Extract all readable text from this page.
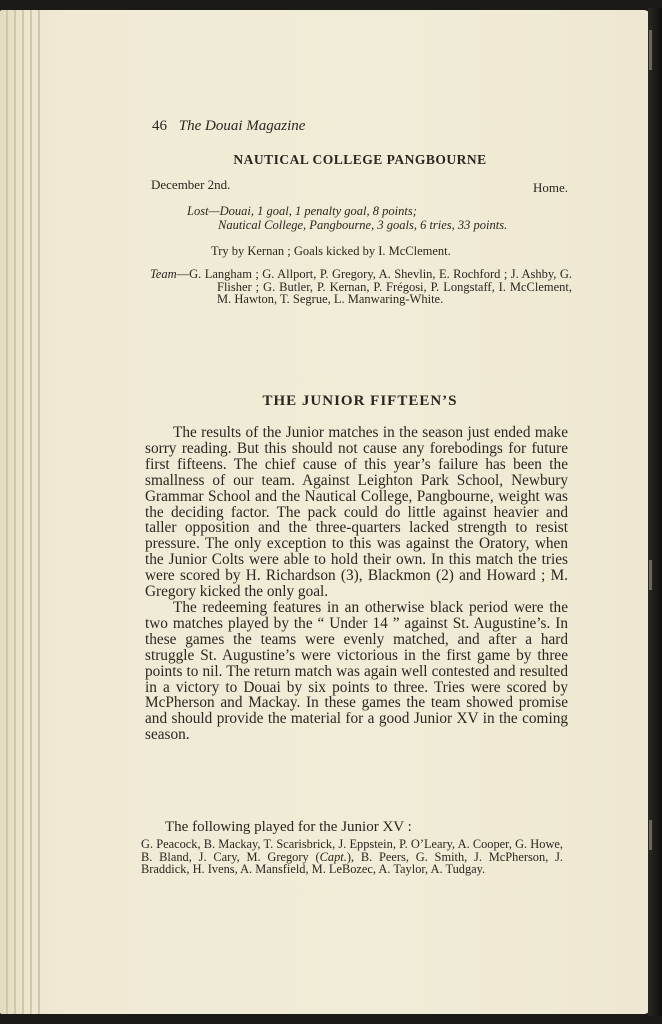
46 The Douai Magazine
NAUTICAL COLLEGE PANGBOURNE
December 2nd.	Home.
Lost—Douai, 1 goal, 1 penalty goal, 8 points;
Nautical College, Pangbourne, 3 goals, 6 tries, 33 points.
Try by Kernan ; Goals kicked by I. McClement.
Team—G. Langham ; G. Allport, P. Gregory, A. Shevlin, E. Rochford ; J. Ashby, G. Flisher ; G. Butler, P. Kernan, P. Frégosi, P. Longstaff, I. McClement, M. Hawton, T. Segrue, L. Manwaring-White.
THE JUNIOR FIFTEEN’S

The results of the Junior matches in the season just ended make sorry reading. But this should not cause any forebodings for future first fifteens. The chief cause of this year’s failure has been the smallness of our team. Against Leighton Park School, Newbury Grammar School and the Nautical College, Pangbourne, weight was the deciding factor. The pack could do little against heavier and taller opposition and the three-quarters lacked strength to resist pressure. The only exception to this was against the Oratory, when the Junior Colts were able to hold their own. In this match the tries were scored by H. Richardson (3), Blackmon (2) and Howard ; M. Gregory kicked the only goal.

The redeeming features in an otherwise black period were the two matches played by the “ Under 14 ” against St. Augustine’s. In these games the teams were evenly matched, and after a hard struggle St. Augustine’s were victorious in the first game by three points to nil. The return match was again well contested and resulted in a victory to Douai by six points to three. Tries were scored by McPherson and Mackay. In these games the team showed promise and should provide the material for a good Junior XV in the coming season.

The following played for the Junior XV :
G. Peacock, B. Mackay, T. Scarisbrick, J. Eppstein, P. O’Leary, A. Cooper, G. Howe, B. Bland, J. Cary, M. Gregory (Capt.), B. Peers, G. Smith, J. McPherson, J. Braddick, H. Ivens, A. Mansfield, M. LeBozec, A. Taylor, A. Tudgay.
